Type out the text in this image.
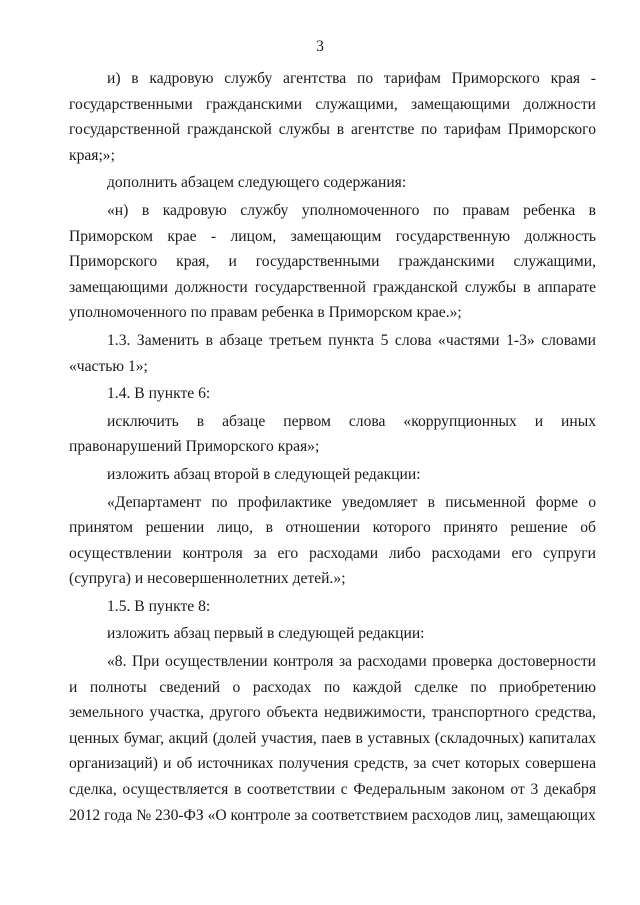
3

и) в кадровую службу агентства по тарифам Приморского края - государственными гражданскими служащими, замещающими должности государственной гражданской службы в агентстве по тарифам Приморского края;»;

дополнить абзацем следующего содержания:

«н) в кадровую службу уполномоченного по правам ребенка в Приморском крае - лицом, замещающим государственную должность Приморского края, и государственными гражданскими служащими, замещающими должности государственной гражданской службы в аппарате уполномоченного по правам ребенка в Приморском крае.»;

1.3. Заменить в абзаце третьем пункта 5 слова «частями 1-3» словами «частью 1»;

1.4. В пункте 6:

исключить в абзаце первом слова «коррупционных и иных правонарушений Приморского края»;

изложить абзац второй в следующей редакции:

«Департамент по профилактике уведомляет в письменной форме о принятом решении лицо, в отношении которого принято решение об осуществлении контроля за его расходами либо расходами его супруги (супруга) и несовершеннолетних детей.»;

1.5. В пункте 8:

изложить абзац первый в следующей редакции:

«8. При осуществлении контроля за расходами проверка достоверности и полноты сведений о расходах по каждой сделке по приобретению земельного участка, другого объекта недвижимости, транспортного средства, ценных бумаг, акций (долей участия, паев в уставных (складочных) капиталах организаций) и об источниках получения средств, за счет которых совершена сделка, осуществляется в соответствии с Федеральным законом от 3 декабря 2012 года № 230-ФЗ «О контроле за соответствием расходов лиц, замещающих
